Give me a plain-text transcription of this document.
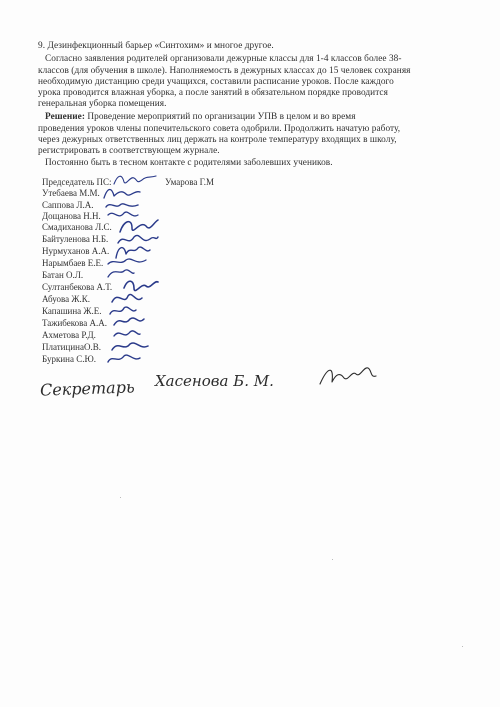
9. Дезинфекционный барьер «Синтохим» и многое другое.
Согласно заявления родителей организовали дежурные классы для 1-4 классов более 38-
классов (для обучения в школе). Наполняемость в дежурных классах до 15 человек сохраняя
необходимую дистанцию среди учащихся, составили расписание уроков. После каждого
урока проводится влажная уборка, а после занятий в обязательном порядке проводится
генеральная уборка помещения.
Решение: Проведение мероприятий по организации УПВ в целом и во время
проведения уроков члены попечительского совета одобрили. Продолжить начатую работу,
через дежурных ответственных лиц держать на контроле температуру входящих в школу,
регистрировать в соответствующем журнале.
Постоянно быть в тесном контакте с родителями заболевших учеников.
Председатель ПС:	Умарова Г.М
Утебаева М.М.
Саппова Л.А.
Дощанова Н.Н.
Смадиханова Л.С.
Байтуленова Н.Б.
Нурмуханов А.А.
Нарымбаев Е.Е.
Батан О.Л.
Султанбекова А.Т.
Абуова Ж.К.
Капашина Ж.Е.
Тажибекова А.А.
Ахметова Р.Д.
ПлатицинаО.В.
Буркина С.Ю.
Секретарь Хасенова Б. М.
